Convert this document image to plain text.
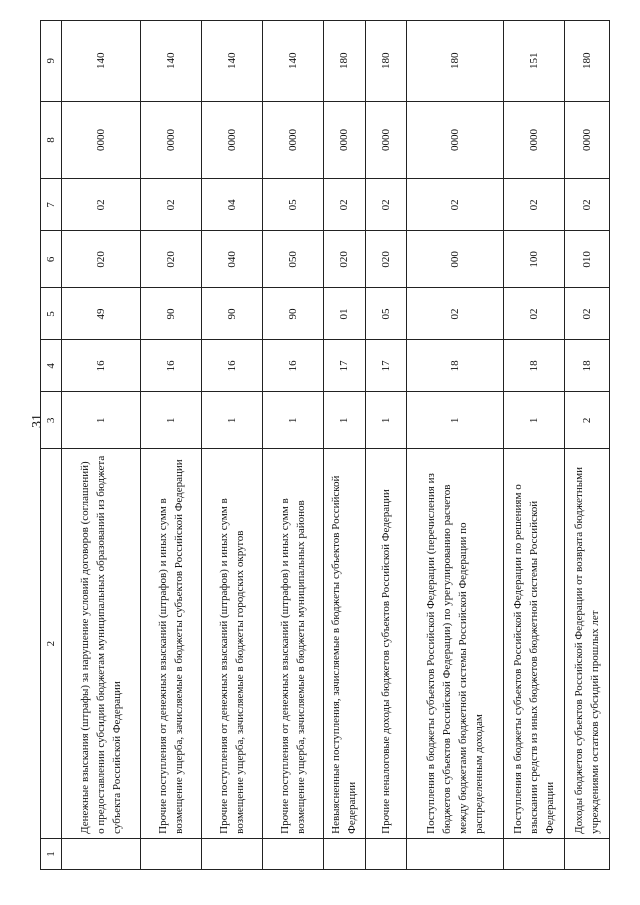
31
1	2	3	4	5	6	7	8	9
	Денежные взыскания (штрафы) за нарушение условий договоров (соглашений) о предоставлении субсидии бюджетам муниципальных образований из бюджета субъекта Российской Федерации	1	16	49	020	02	0000	140
	Прочие поступления от денежных взысканий (штрафов) и иных сумм в возмещение ущерба, зачисляемые в бюджеты субъектов Российской Федерации	1	16	90	020	02	0000	140
	Прочие поступления от денежных взысканий (штрафов) и иных сумм в возмещение ущерба, зачисляемые в бюджеты городских округов	1	16	90	040	04	0000	140
	Прочие поступления от денежных взысканий (штрафов) и иных сумм в возмещение ущерба, зачисляемые в бюджеты муниципальных районов	1	16	90	050	05	0000	140
	Невыясненные поступления, зачисляемые в бюджеты субъектов Российской Федерации	1	17	01	020	02	0000	180
	Прочие неналоговые доходы бюджетов субъектов Российской Федерации	1	17	05	020	02	0000	180
	Поступления в бюджеты субъектов Российской Федерации (перечисления из бюджетов субъектов Российской Федерации) по урегулированию расчетов между бюджетами бюджетной системы Российской Федерации по распределенным доходам	1	18	02	000	02	0000	180
	Поступления в бюджеты субъектов Российской Федерации по решениям о взыскании средств из иных бюджетов бюджетной системы Российской Федерации	1	18	02	100	02	0000	151
	Доходы бюджетов субъектов Российской Федерации от возврата бюджетными учреждениями остатков субсидий прошлых лет	2	18	02	010	02	0000	180
